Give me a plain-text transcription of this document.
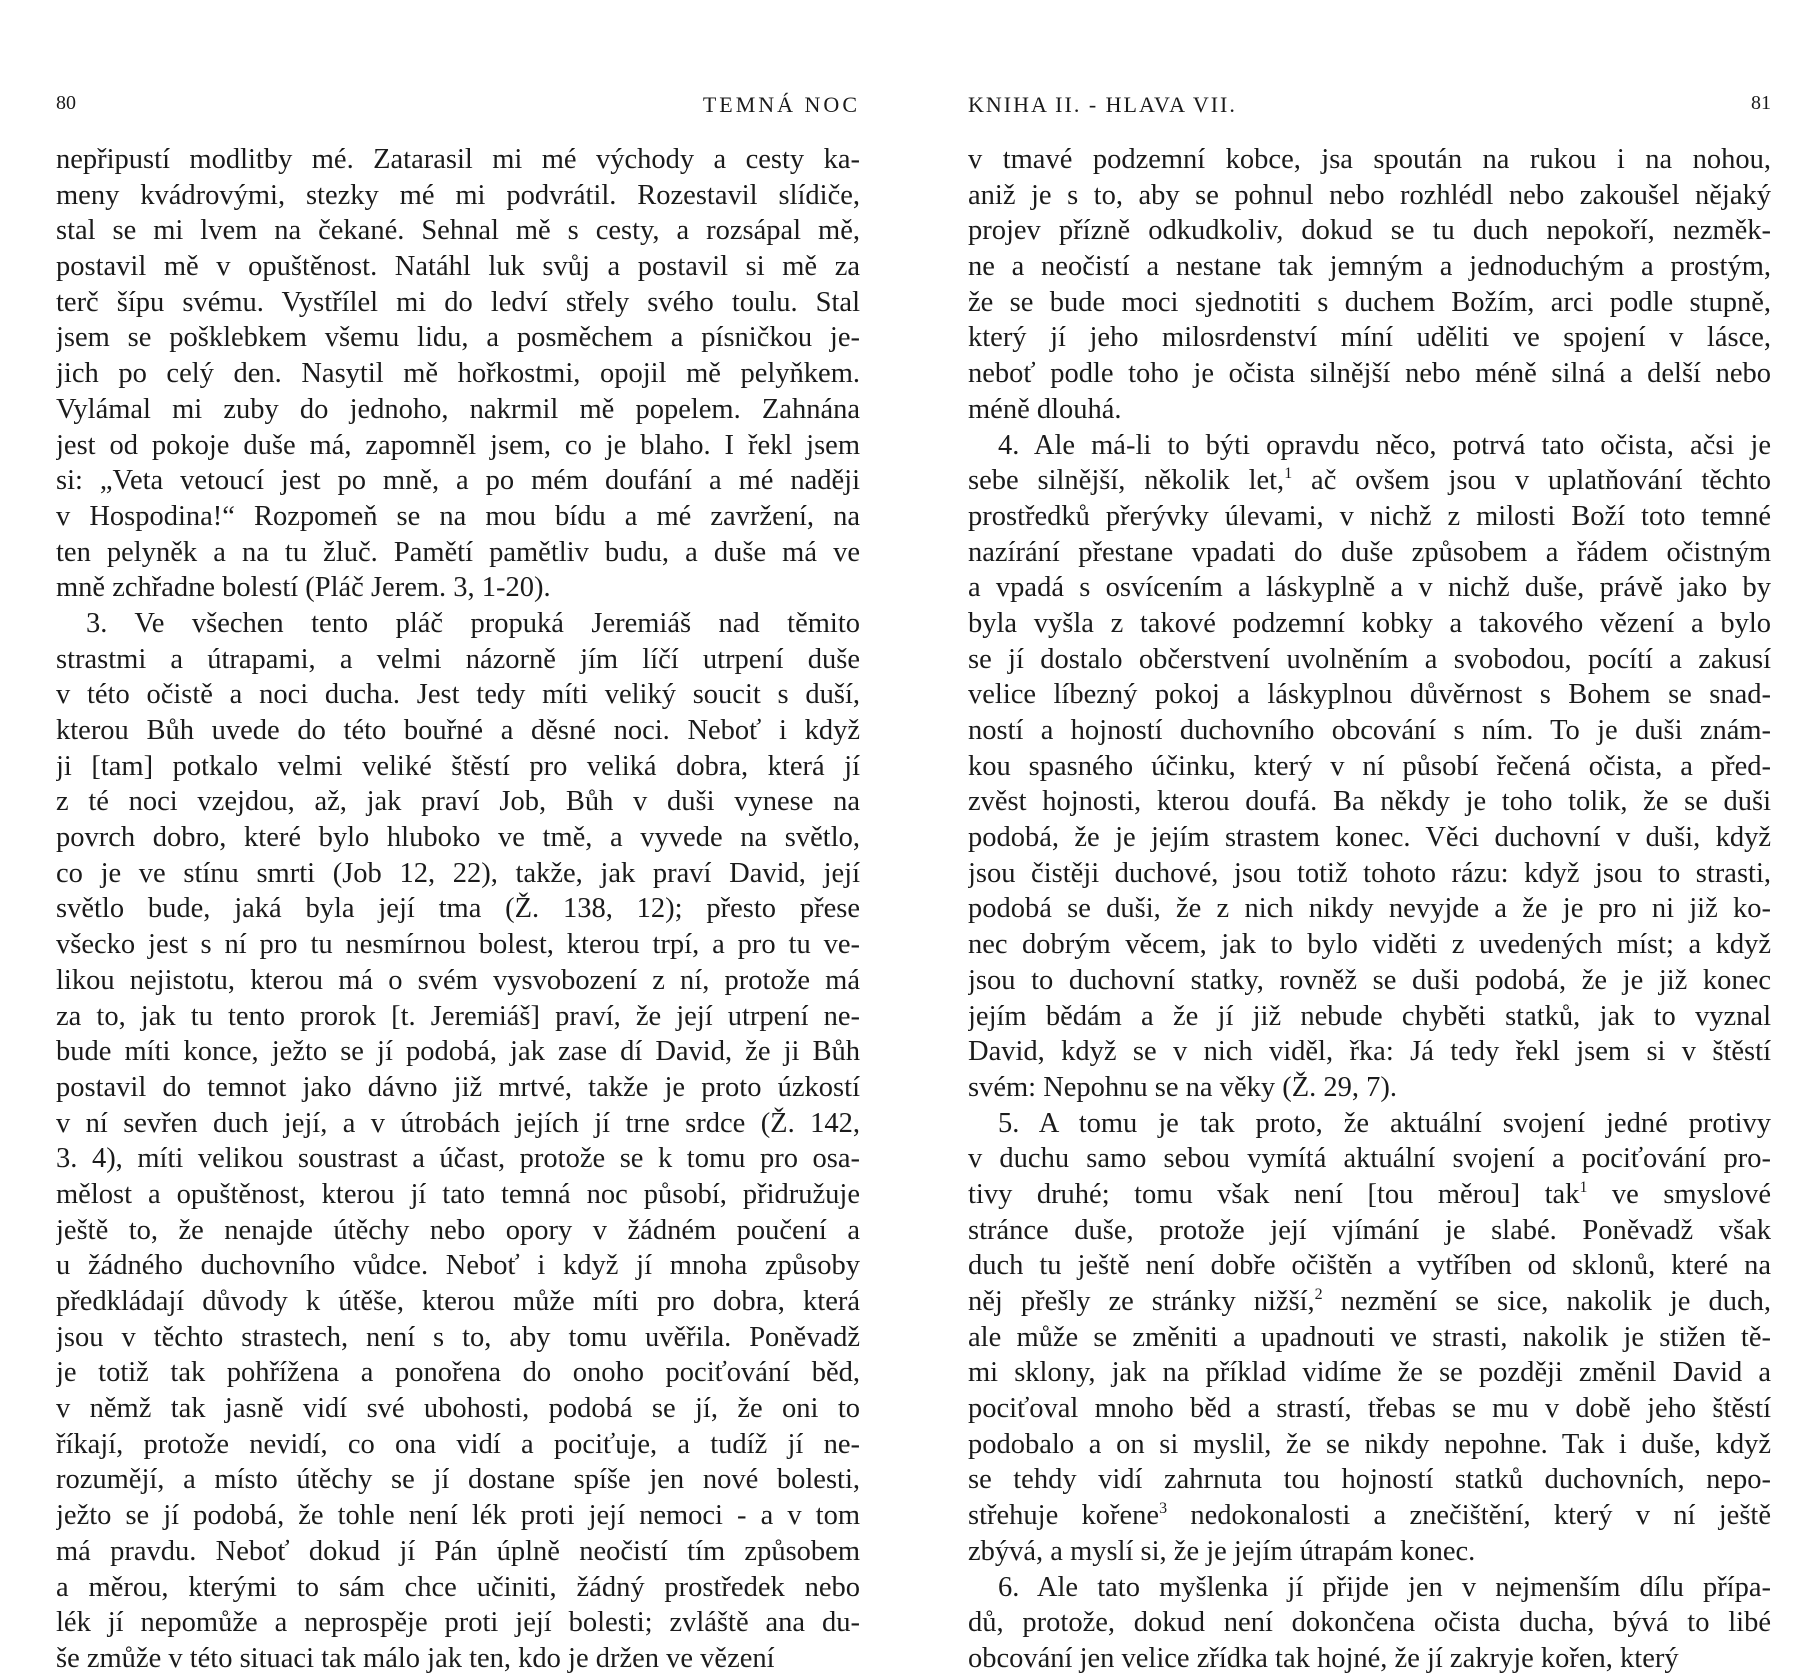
80	TEMNÁ NOC
nepřipustí modlitby mé. Zatarasil mi mé východy a cesty ka-
meny kvádrovými, stezky mé mi podvrátil. Rozestavil slídiče,
stal se mi lvem na čekané. Sehnal mě s cesty, a rozsápal mě,
postavil mě v opuštěnost. Natáhl luk svůj a postavil si mě za
terč šípu svému. Vystřílel mi do ledví střely svého toulu. Stal
jsem se pošklebkem všemu lidu, a posměchem a písničkou je-
jich po celý den. Nasytil mě hořkostmi, opojil mě pelyňkem.
Vylámal mi zuby do jednoho, nakrmil mě popelem. Zahnána
jest od pokoje duše má, zapomněl jsem, co je blaho. I řekl jsem
si: „Veta vetoucí jest po mně, a po mém doufání a mé naději
v Hospodina!“ Rozpomeň se na mou bídu a mé zavržení, na
ten pelyněk a na tu žluč. Pamětí pamětliv budu, a duše má ve
mně zchřadne bolestí (Pláč Jerem. 3, 1-20).
3. Ve všechen tento pláč propuká Jeremiáš nad těmito
strastmi a útrapami, a velmi názorně jím líčí utrpení duše
v této očistě a noci ducha. Jest tedy míti veliký soucit s duší,
kterou Bůh uvede do této bouřné a děsné noci. Neboť i když
ji [tam] potkalo velmi veliké štěstí pro veliká dobra, která jí
z té noci vzejdou, až, jak praví Job, Bůh v duši vynese na
povrch dobro, které bylo hluboko ve tmě, a vyvede na světlo,
co je ve stínu smrti (Job 12, 22), takže, jak praví David, její
světlo bude, jaká byla její tma (Ž. 138, 12); přesto přese
všecko jest s ní pro tu nesmírnou bolest, kterou trpí, a pro tu ve-
likou nejistotu, kterou má o svém vysvobození z ní, protože má
za to, jak tu tento prorok [t. Jeremiáš] praví, že její utrpení ne-
bude míti konce, ježto se jí podobá, jak zase dí David, že ji Bůh
postavil do temnot jako dávno již mrtvé, takže je proto úzkostí
v ní sevřen duch její, a v útrobách jejích jí trne srdce (Ž. 142,
3. 4), míti velikou soustrast a účast, protože se k tomu pro osa-
mělost a opuštěnost, kterou jí tato temná noc působí, přidružuje
ještě to, že nenajde útěchy nebo opory v žádném poučení a
u žádného duchovního vůdce. Neboť i když jí mnoha způsoby
předkládají důvody k útěše, kterou může míti pro dobra, která
jsou v těchto strastech, není s to, aby tomu uvěřila. Poněvadž
je totiž tak pohřížena a ponořena do onoho pociťování běd,
v němž tak jasně vidí své ubohosti, podobá se jí, že oni to
říkají, protože nevidí, co ona vidí a pociťuje, a tudíž jí ne-
rozumějí, a místo útěchy se jí dostane spíše jen nové bolesti,
ježto se jí podobá, že tohle není lék proti její nemoci - a v tom
má pravdu. Neboť dokud jí Pán úplně neočistí tím způsobem
a měrou, kterými to sám chce učiniti, žádný prostředek nebo
lék jí nepomůže a neprospěje proti její bolesti; zvláště ana du-
še zmůže v této situaci tak málo jak ten, kdo je držen ve vězení
KNIHA II. - HLAVA VII.	81
v tmavé podzemní kobce, jsa spoután na rukou i na nohou,
aniž je s to, aby se pohnul nebo rozhlédl nebo zakoušel nějaký
projev přízně odkudkoliv, dokud se tu duch nepokoří, nezměk-
ne a neočistí a nestane tak jemným a jednoduchým a prostým,
že se bude moci sjednotiti s duchem Božím, arci podle stupně,
který jí jeho milosrdenství míní uděliti ve spojení v lásce,
neboť podle toho je očista silnější nebo méně silná a delší nebo
méně dlouhá.
4. Ale má-li to býti opravdu něco, potrvá tato očista, ačsi je
sebe silnější, několik let,$^1$ ač ovšem jsou v uplatňování těchto
prostředků přerývky úlevami, v nichž z milosti Boží toto temné
nazírání přestane vpadati do duše způsobem a řádem očistným
a vpadá s osvícením a láskyplně a v nichž duše, právě jako by
byla vyšla z takové podzemní kobky a takového vězení a bylo
se jí dostalo občerstvení uvolněním a svobodou, pocítí a zakusí
velice líbezný pokoj a láskyplnou důvěrnost s Bohem se snad-
ností a hojností duchovního obcování s ním. To je duši znám-
kou spasného účinku, který v ní působí řečená očista, a před-
zvěst hojnosti, kterou doufá. Ba někdy je toho tolik, že se duši
podobá, že je jejím strastem konec. Věci duchovní v duši, když
jsou čistěji duchové, jsou totiž tohoto rázu: když jsou to strasti,
podobá se duši, že z nich nikdy nevyjde a že je pro ni již ko-
nec dobrým věcem, jak to bylo viděti z uvedených míst; a když
jsou to duchovní statky, rovněž se duši podobá, že je již konec
jejím bědám a že jí již nebude chyběti statků, jak to vyznal
David, když se v nich viděl, řka: Já tedy řekl jsem si v štěstí
svém: Nepohnu se na věky (Ž. 29, 7).
5. A tomu je tak proto, že aktuální svojení jedné protivy
v duchu samo sebou vymítá aktuální svojení a pociťování pro-
tivy druhé; tomu však není [tou měrou] tak$^1$ ve smyslové
stránce duše, protože její vjímání je slabé. Poněvadž však
duch tu ještě není dobře očištěn a vytříben od sklonů, které na
něj přešly ze stránky nižší,$^2$ nezmění se sice, nakolik je duch,
ale může se změniti a upadnouti ve strasti, nakolik je stižen tě-
mi sklony, jak na příklad vidíme že se později změnil David a
pociťoval mnoho běd a strastí, třebas se mu v době jeho štěstí
podobalo a on si myslil, že se nikdy nepohne. Tak i duše, když
se tehdy vidí zahrnuta tou hojností statků duchovních, nepo-
střehuje kořene$^3$ nedokonalosti a znečištění, který v ní ještě
zbývá, a myslí si, že je jejím útrapám konec.
6. Ale tato myšlenka jí přijde jen v nejmenším dílu přípa-
dů, protože, dokud není dokončena očista ducha, bývá to libé
obcování jen velice zřídka tak hojné, že jí zakryje kořen, který
